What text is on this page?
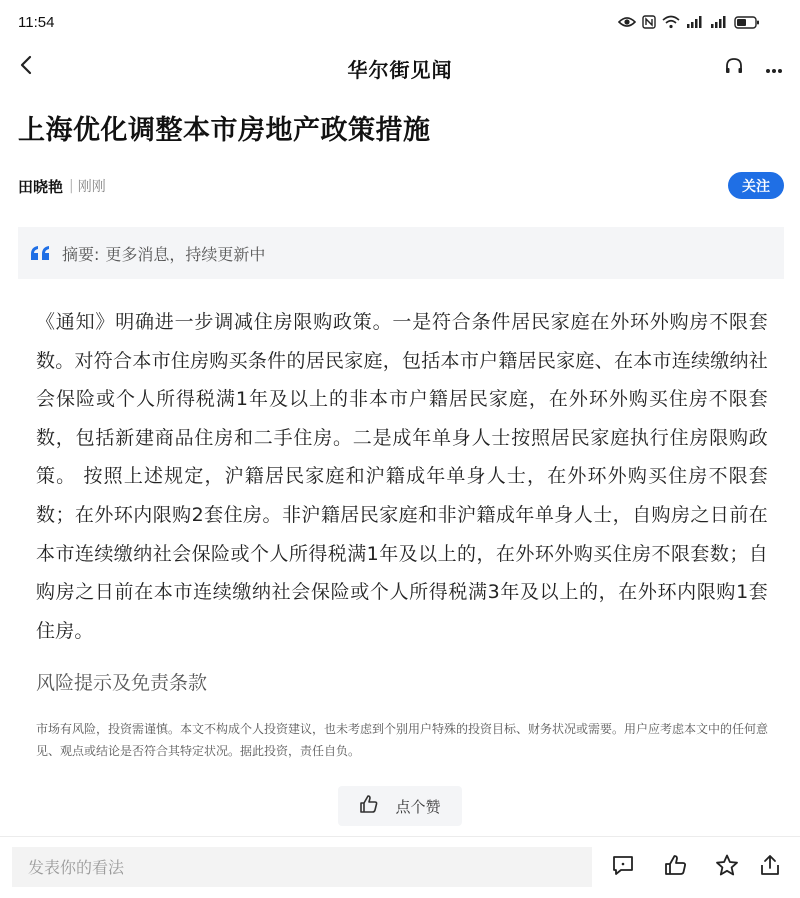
11:54
华尔街见闻
上海优化调整本市房地产政策措施
田晓艳 | 刚刚	关注
摘要: 更多消息，持续更新中

《通知》明确进一步调减住房限购政策。一是符合条件居民家庭在外环外购房不限套数。对符合本市住房购买条件的居民家庭，包括本市户籍居民家庭、在本市连续缴纳社会保险或个人所得税满1年及以上的非本市户籍居民家庭，在外环外购买住房不限套数，包括新建商品住房和二手住房。二是成年单身人士按照居民家庭执行住房限购政策。 按照上述规定，沪籍居民家庭和沪籍成年单身人士，在外环外购买住房不限套数；在外环内限购2套住房。非沪籍居民家庭和非沪籍成年单身人士，自购房之日前在本市连续缴纳社会保险或个人所得税满1年及以上的，在外环外购买住房不限套数；自购房之日前在本市连续缴纳社会保险或个人所得税满3年及以上的，在外环内限购1套住房。

风险提示及免责条款

市场有风险，投资需谨慎。本文不构成个人投资建议，也未考虑到个别用户特殊的投资目标、财务状况或需要。用户应考虑本文中的任何意见、观点或结论是否符合其特定状况。据此投资，责任自负。

点个赞
发表你的看法
